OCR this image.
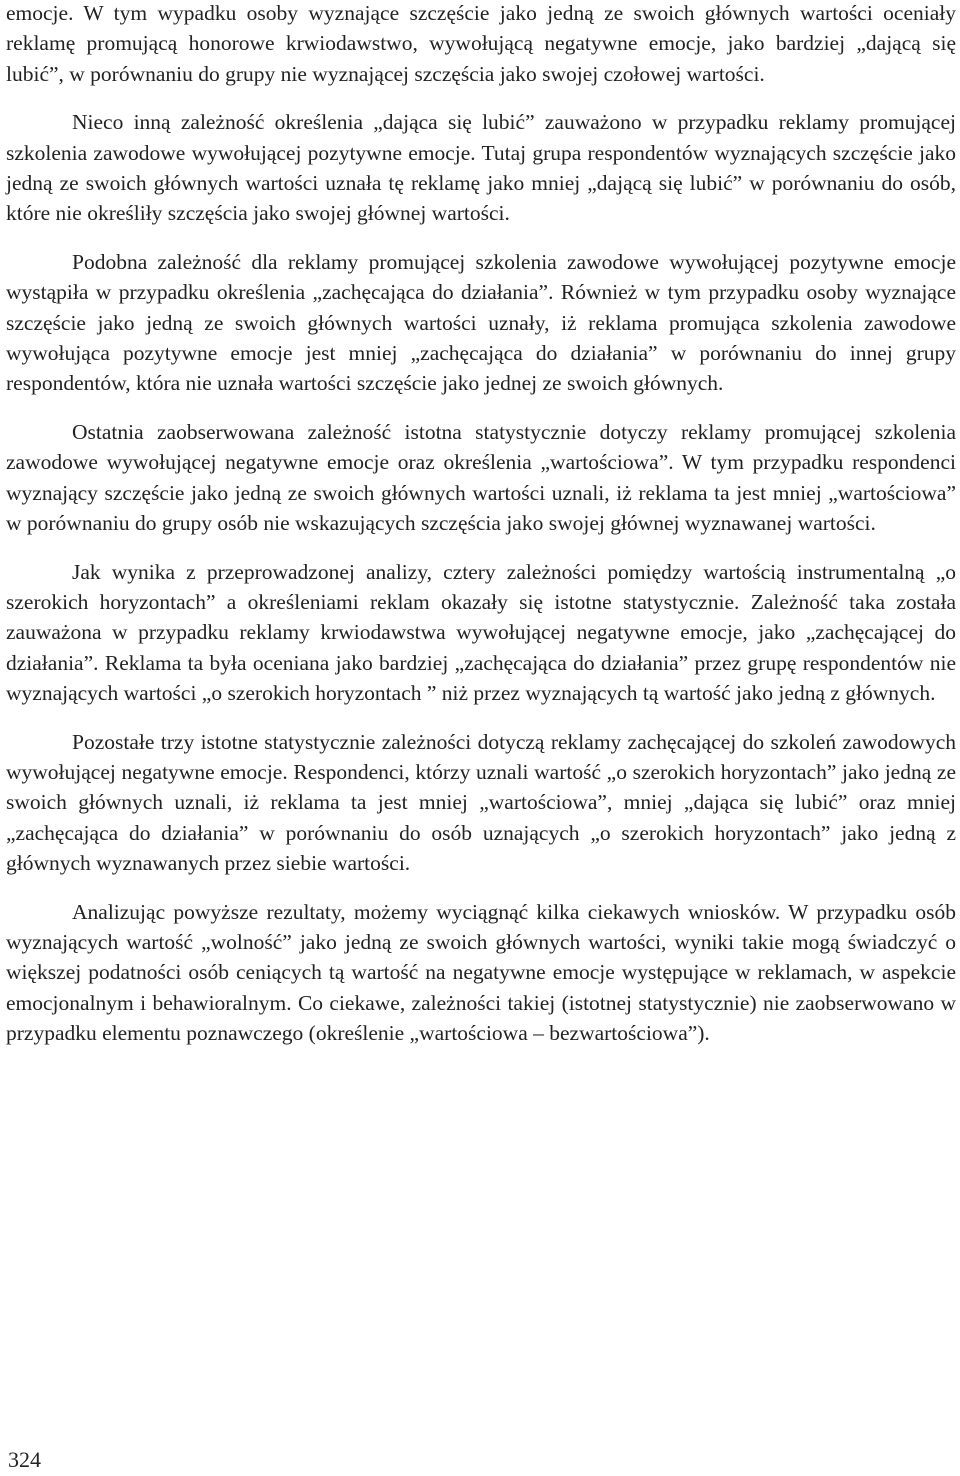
emocje. W tym wypadku osoby wyznające szczęście jako jedną ze swoich głównych wartości oceniały reklamę promującą honorowe krwiodawstwo, wywołującą negatywne emocje, jako bardziej „dającą się lubić”, w porównaniu do grupy nie wyznającej szczęścia jako swojej czołowej wartości.

Nieco inną zależność określenia „dająca się lubić” zauważono w przypadku reklamy promującej szkolenia zawodowe wywołującej pozytywne emocje. Tutaj grupa respondentów wyznających szczęście jako jedną ze swoich głównych wartości uznała tę reklamę jako mniej „dającą się lubić” w porównaniu do osób, które nie określiły szczęścia jako swojej głównej wartości.

Podobna zależność dla reklamy promującej szkolenia zawodowe wywołującej pozytywne emocje wystąpiła w przypadku określenia „zachęcająca do działania”. Również w tym przypadku osoby wyznające szczęście jako jedną ze swoich głównych wartości uznały, iż reklama promująca szkolenia zawodowe wywołująca pozytywne emocje jest mniej „zachęcająca do działania” w porównaniu do innej grupy respondentów, która nie uznała wartości szczęście jako jednej ze swoich głównych.

Ostatnia zaobserwowana zależność istotna statystycznie dotyczy reklamy promującej szkolenia zawodowe wywołującej negatywne emocje oraz określenia „wartościowa”. W tym przypadku respondenci wyznający szczęście jako jedną ze swoich głównych wartości uznali, iż reklama ta jest mniej „wartościowa” w porównaniu do grupy osób nie wskazujących szczęścia jako swojej głównej wyznawanej wartości.

Jak wynika z przeprowadzonej analizy, cztery zależności pomiędzy wartością instrumentalną „o szerokich horyzontach” a określeniami reklam okazały się istotne statystycznie. Zależność taka została zauważona w przypadku reklamy krwiodawstwa wywołującej negatywne emocje, jako „zachęcającej do działania”. Reklama ta była oceniana jako bardziej „zachęcająca do działania” przez grupę respondentów nie wyznających wartości „o szerokich horyzontach ” niż przez wyznających tą wartość jako jedną z głównych.

Pozostałe trzy istotne statystycznie zależności dotyczą reklamy zachęcającej do szkoleń zawodowych wywołującej negatywne emocje. Respondenci, którzy uznali wartość „o szerokich horyzontach” jako jedną ze swoich głównych uznali, iż reklama ta jest mniej „wartościowa”, mniej „dająca się lubić” oraz mniej „zachęcająca do działania” w porównaniu do osób uznających „o szerokich horyzontach” jako jedną z głównych wyznawanych przez siebie wartości.

Analizując powyższe rezultaty, możemy wyciągnąć kilka ciekawych wniosków. W przypadku osób wyznających wartość „wolność” jako jedną ze swoich głównych wartości, wyniki takie mogą świadczyć o większej podatności osób ceniących tą wartość na negatywne emocje występujące w reklamach, w aspekcie emocjonalnym i behawioralnym. Co ciekawe, zależności takiej (istotnej statystycznie) nie zaobserwowano w przypadku elementu poznawczego (określenie „wartościowa – bezwartościowa”).

324
